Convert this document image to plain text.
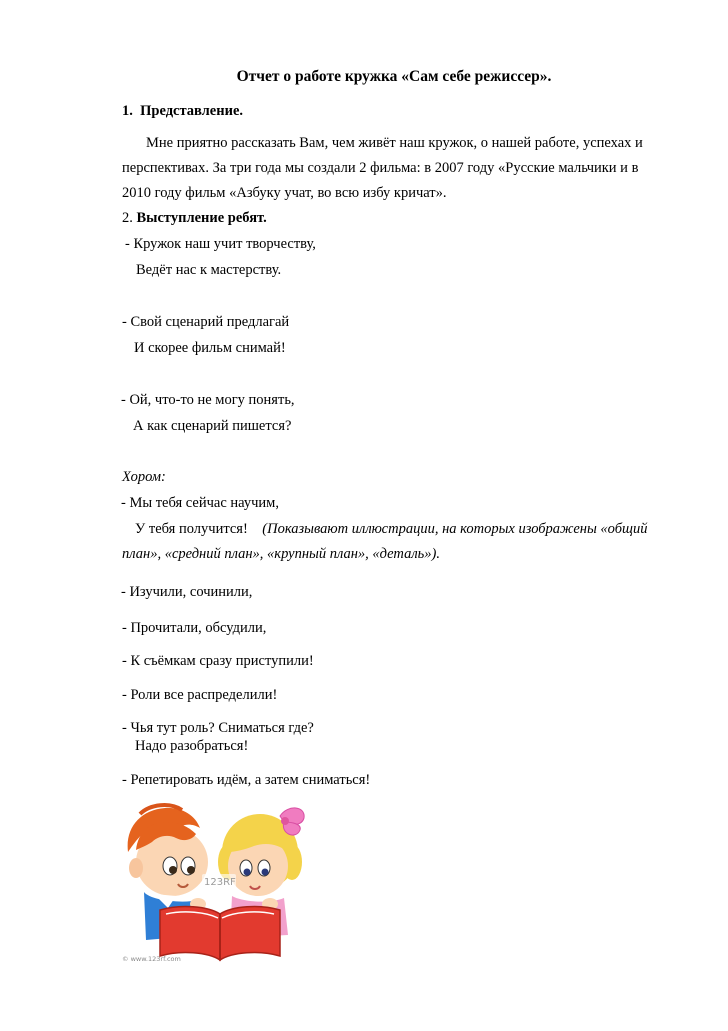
Отчет о работе кружка «Сам себе режиссер».
1. Представление.
Мне приятно рассказать Вам, чем живёт наш кружок, о нашей работе, успехах и
перспективах. За три года мы создали 2 фильма: в 2007 году «Русские мальчики и в
2010 году фильм «Азбуку учат, во всю избу кричат».
2. Выступление ребят.
- Кружок наш учит творчеству,
Ведёт нас к мастерству.
- Свой сценарий предлагай
И скорее фильм снимай!
- Ой, что-то не могу понять,
А как сценарий пишется?
Хором:
- Мы тебя сейчас научим,
У тебя получится! (Показывают иллюстрации, на которых изображены «общий
план», «средний план», «крупный план», «деталь»).
- Изучили, сочинили,
- Прочитали, обсудили,
- К съёмкам сразу приступили!
- Роли все распределили!
- Чья тут роль? Сниматься где?
Надо разобраться!
- Репетировать идём, а затем сниматься!
123RF
© www.123rf.com
